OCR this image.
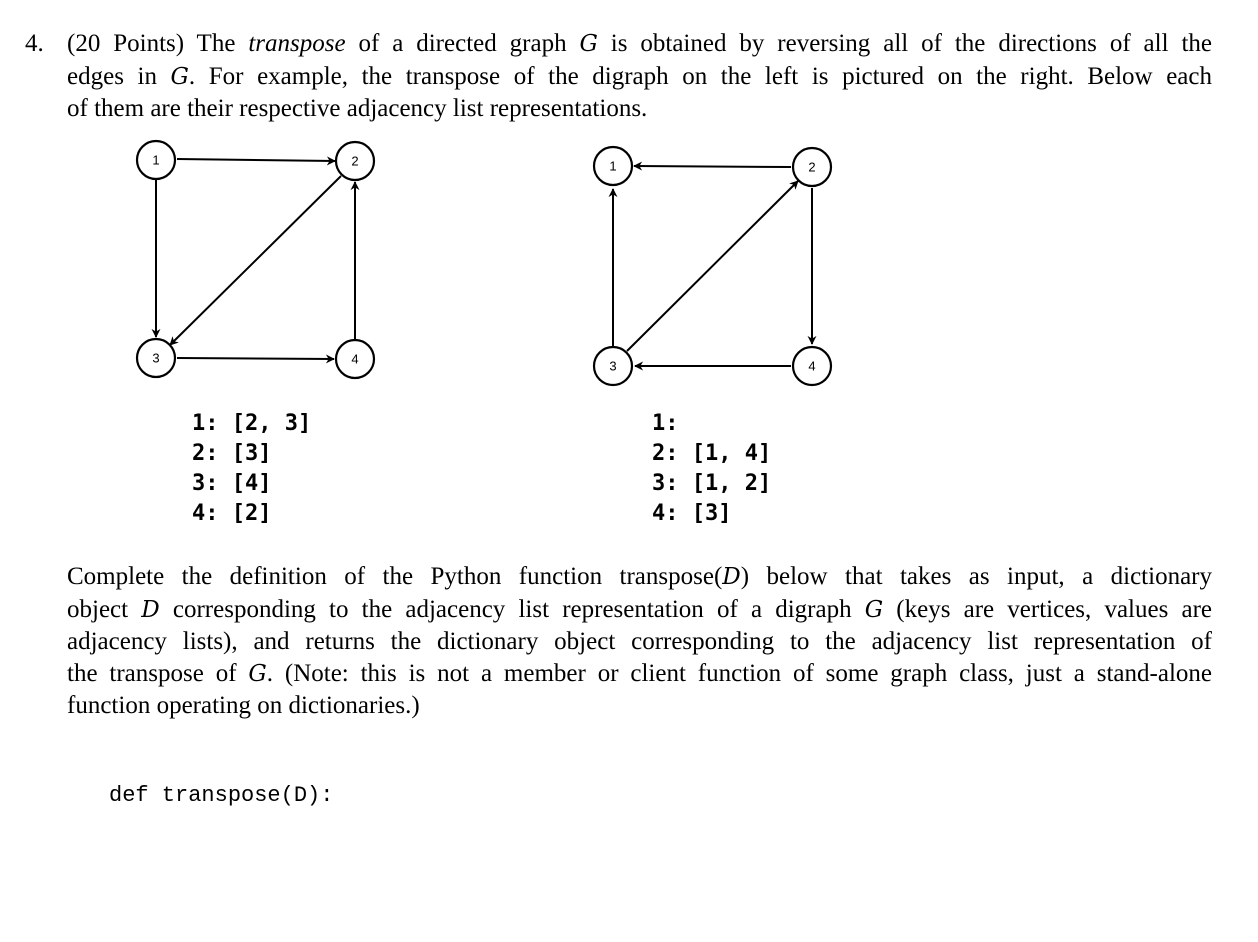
4. (20 Points) The transpose of a directed graph G is obtained by reversing all of the directions of all the
edges in G. For example, the transpose of the digraph on the left is pictured on the right. Below each
of them are their respective adjacency list representations.
1	2
3	4
1	2
3	4
1: [2, 3]
2: [3]
3: [4]
4: [2]
1:
2: [1, 4]
3: [1, 2]
4: [3]
Complete the definition of the Python function transpose(D) below that takes as input, a dictionary
object D corresponding to the adjacency list representation of a digraph G (keys are vertices, values are
adjacency lists), and returns the dictionary object corresponding to the adjacency list representation of
the transpose of G. (Note: this is not a member or client function of some graph class, just a stand-alone
function operating on dictionaries.)
def transpose(D):
